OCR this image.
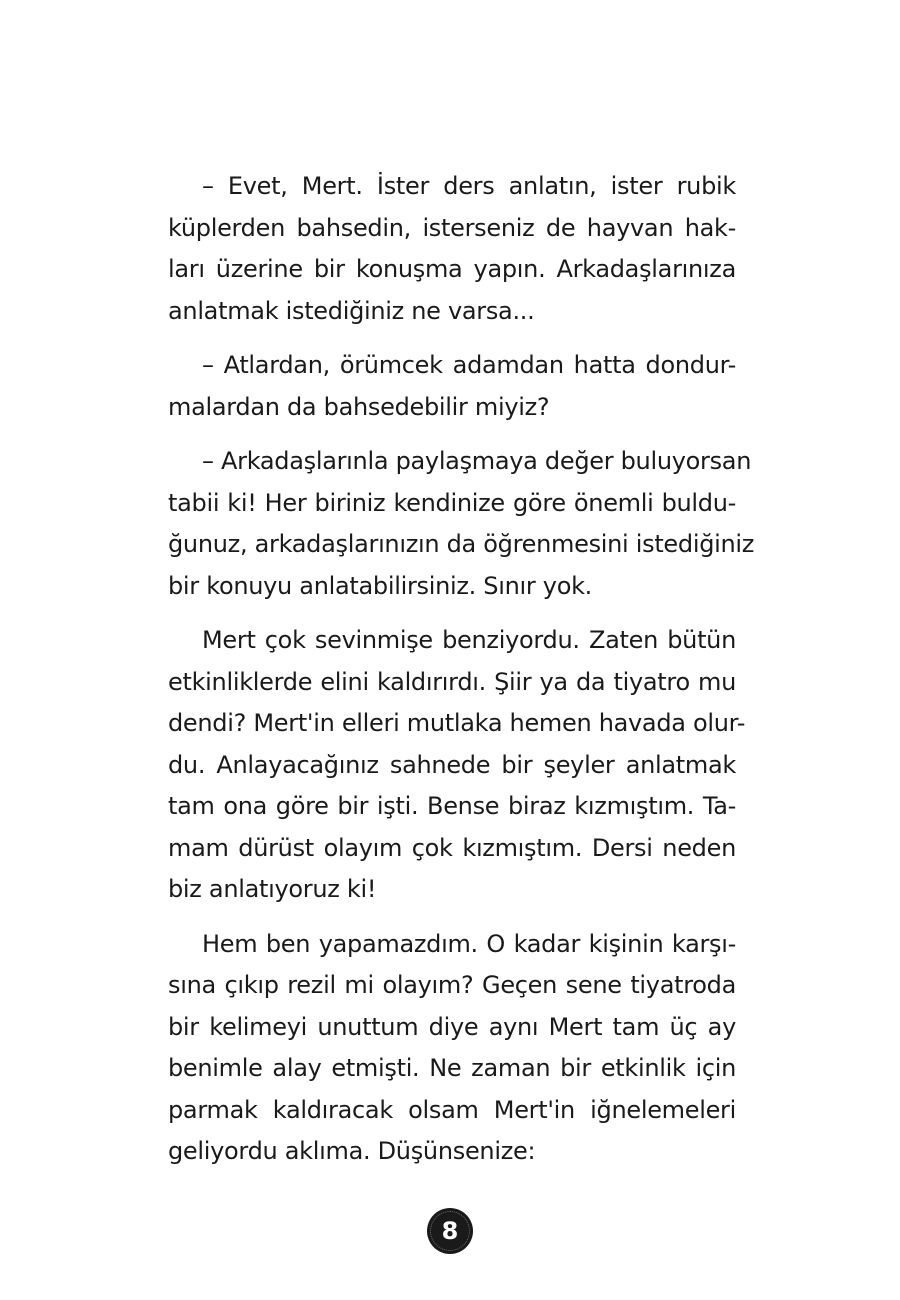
– Evet, Mert. İster ders anlatın, ister rubik
küplerden bahsedin, isterseniz de hayvan hak-
ları üzerine bir konuşma yapın. Arkadaşlarınıza
anlatmak istediğiniz ne varsa...

– Atlardan, örümcek adamdan hatta dondur-
malardan da bahsedebilir miyiz?

– Arkadaşlarınla paylaşmaya değer buluyorsan
tabii ki! Her biriniz kendinize göre önemli buldu-
ğunuz, arkadaşlarınızın da öğrenmesini istediğiniz
bir konuyu anlatabilirsiniz. Sınır yok.

Mert çok sevinmişe benziyordu. Zaten bütün
etkinliklerde elini kaldırırdı. Şiir ya da tiyatro mu
dendi? Mert'in elleri mutlaka hemen havada olur-
du. Anlayacağınız sahnede bir şeyler anlatmak
tam ona göre bir işti. Bense biraz kızmıştım. Ta-
mam dürüst olayım çok kızmıştım. Dersi neden
biz anlatıyoruz ki!

Hem ben yapamazdım. O kadar kişinin karşı-
sına çıkıp rezil mi olayım? Geçen sene tiyatroda
bir kelimeyi unuttum diye aynı Mert tam üç ay
benimle alay etmişti. Ne zaman bir etkinlik için
parmak kaldıracak olsam Mert'in iğnelemeleri
geliyordu aklıma. Düşünsenize:

8
